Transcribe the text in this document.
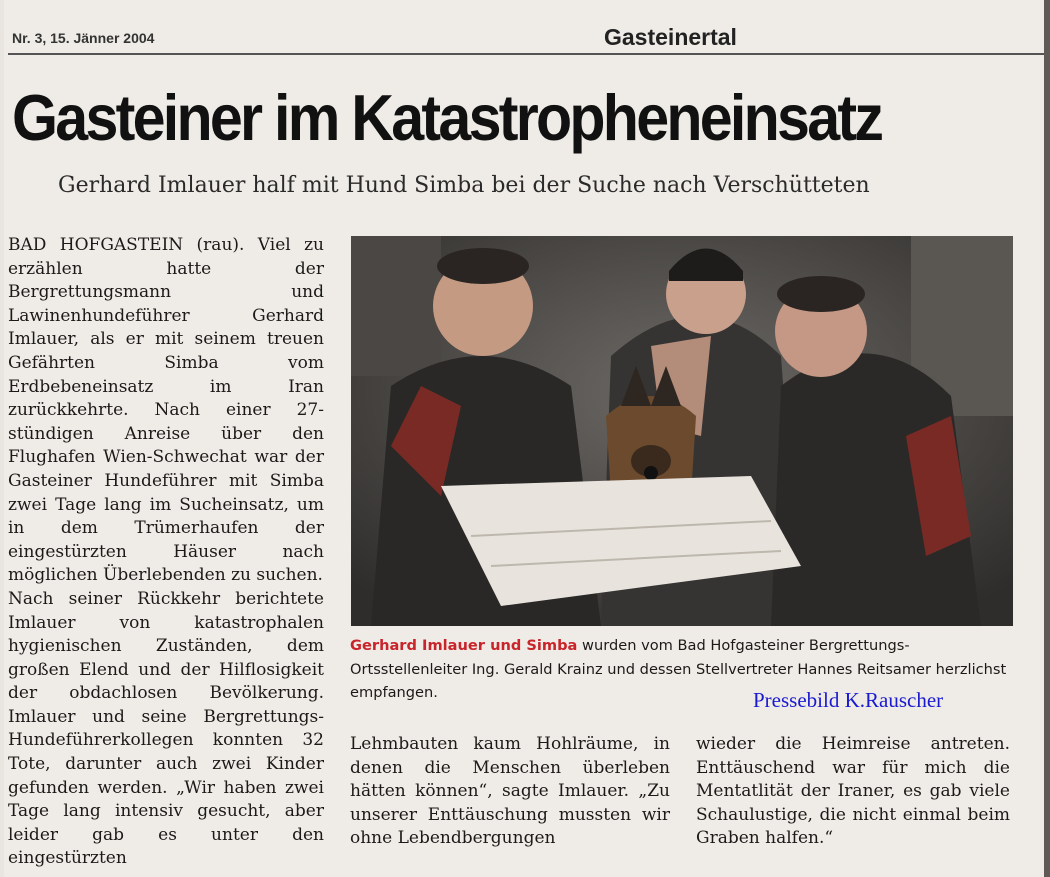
Nr. 3, 15. Jänner 2004	Gasteinertal
Gasteiner im Katastropheneinsatz
Gerhard Imlauer half mit Hund Simba bei der Suche nach Verschütteten

BAD HOFGASTEIN (rau). Viel zu erzählen hatte der Bergrettungsmann und Lawinenhundeführer Gerhard Imlauer, als er mit seinem treuen Gefährten Simba vom Erdbebeneinsatz im Iran zurückkehrte. Nach einer 27-stündigen Anreise über den Flughafen Wien-Schwechat war der Gasteiner Hundeführer mit Simba zwei Tage lang im Sucheinsatz, um in dem Trümerhaufen der eingestürzten Häuser nach möglichen Überlebenden zu suchen.

Nach seiner Rückkehr berichtete Imlauer von katastrophalen hygienischen Zuständen, dem großen Elend und der Hilflosigkeit der obdachlosen Bevölkerung. Imlauer und seine Bergrettungs-Hundeführerkollegen konnten 32 Tote, darunter auch zwei Kinder gefunden werden. „Wir haben zwei Tage lang intensiv gesucht, aber leider gab es unter den eingestürzten

Gerhard Imlauer und Simba wurden vom Bad Hofgasteiner Bergrettungs-Ortsstellenleiter Ing. Gerald Krainz und dessen Stellvertreter Hannes Reitsamer herzlichst empfangen.	Pressebild K.Rauscher

Lehmbauten kaum Hohlräume, in denen die Menschen überleben hätten können“, sagte Imlauer. „Zu unserer Enttäuschung mussten wir ohne Lebendbergungen

wieder die Heimreise antreten. Enttäuschend war für mich die Mentatlität der Iraner, es gab viele Schaulustige, die nicht einmal beim Graben halfen.“
